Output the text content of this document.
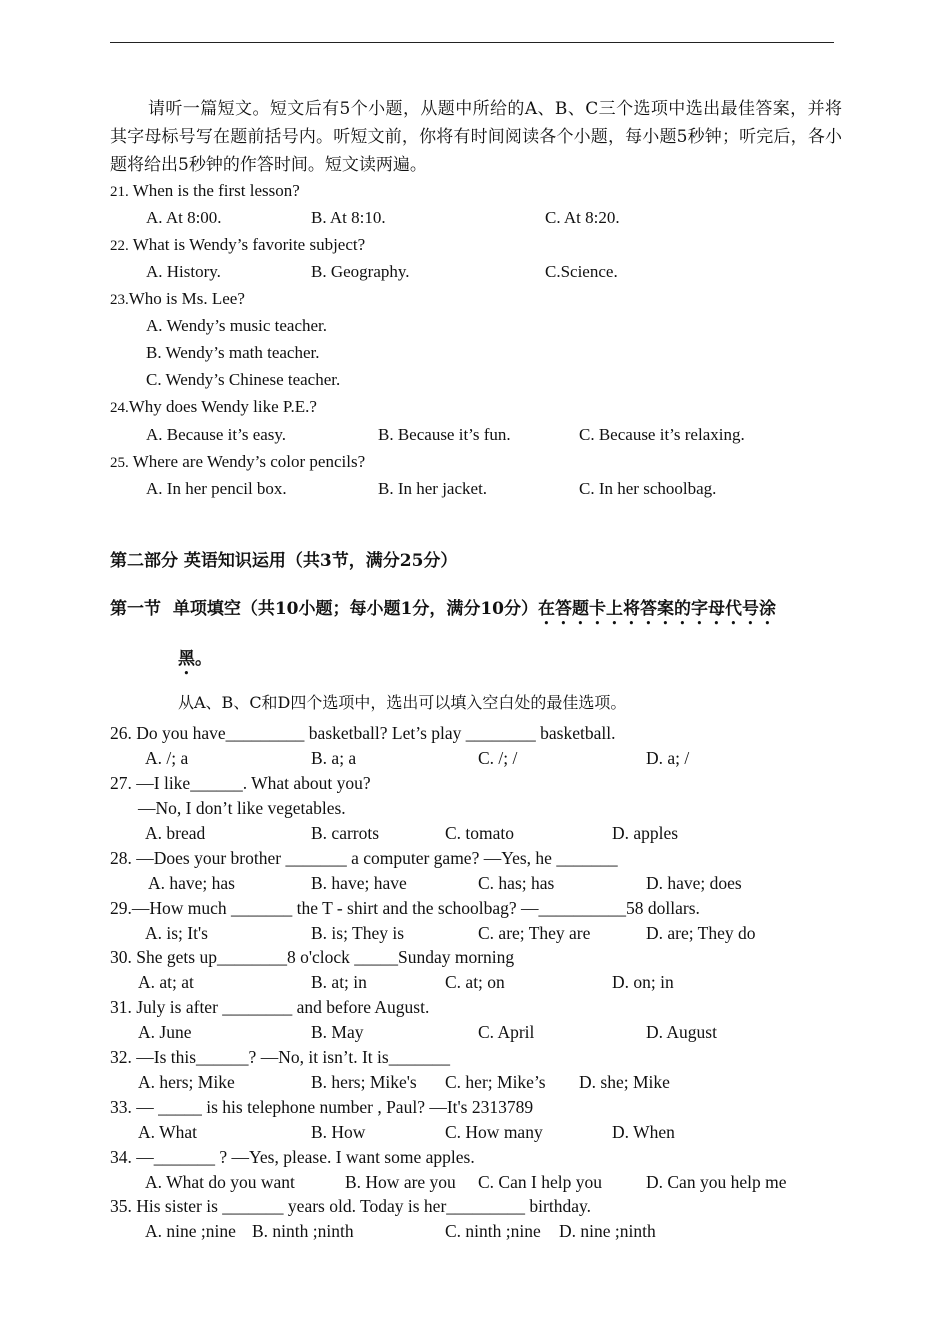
请听一篇短文。短文后有5个小题，从题中所给的A、B、C三个选项中选出最佳答案，并将其字母标号写在题前括号内。听短文前，你将有时间阅读各个小题，每小题5秒钟；听完后，各小题将给出5秒钟的作答时间。短文读两遍。
21. When is the first lesson?
A. At 8:00.	B. At 8:10.	C. At 8:20.
22. What is Wendy’s favorite subject?
A. History.	B. Geography.	C.Science.
23.Who is Ms. Lee?
A. Wendy’s music teacher.
B. Wendy’s math teacher.
C. Wendy’s Chinese teacher.
24.Why does Wendy like P.E.?
A. Because it’s easy.	B. Because it’s fun.	C. Because it’s relaxing.
25. Where are Wendy’s color pencils?
A. In her pencil box.	B. In her jacket.	C. In her schoolbag.
第二部分 英语知识运用（共3节，满分25分）
第一节 单项填空（共10小题；每小题1分，满分10分）在答题卡上将答案的字母代号涂
黑。
从A、B、C和D四个选项中，选出可以填入空白处的最佳选项。
26. Do you have_________ basketball? Let’s play ________ basketball.
A. /; a	B. a; a	C. /; /	D. a; /
27. —I like______. What about you?
—No, I don’t like vegetables.
A. bread	B. carrots	C. tomato	D. apples
28. —Does your brother _______ a computer game? —Yes, he _______
A. have; has	B. have; have	C. has; has	D. have; does
29.—How much _______ the T - shirt and the schoolbag? —__________58 dollars.
A. is; It's	B. is; They is	C. are; They are	D. are; They do
30. She gets up________8 o'clock _____Sunday morning
A. at; at	B. at; in	C. at; on	D. on; in
31. July is after ________ and before August.
A. June	B. May	C. April	D. August
32. —Is this______? —No, it isn’t. It is_______
A. hers; Mike	B. hers; Mike's C. her; Mike’s D. she; Mike
33. — _____ is his telephone number , Paul? —It's 2313789
A. What	B. How	C. How many	D. When
34. —_______ ? —Yes, please. I want some apples.
A. What do you want	B. How are you C. Can I help you	D. Can you help me
35. His sister is _______ years old. Today is her_________ birthday.
A. nine ;nine B. ninth ;ninth	C. ninth ;nine D. nine ;ninth
